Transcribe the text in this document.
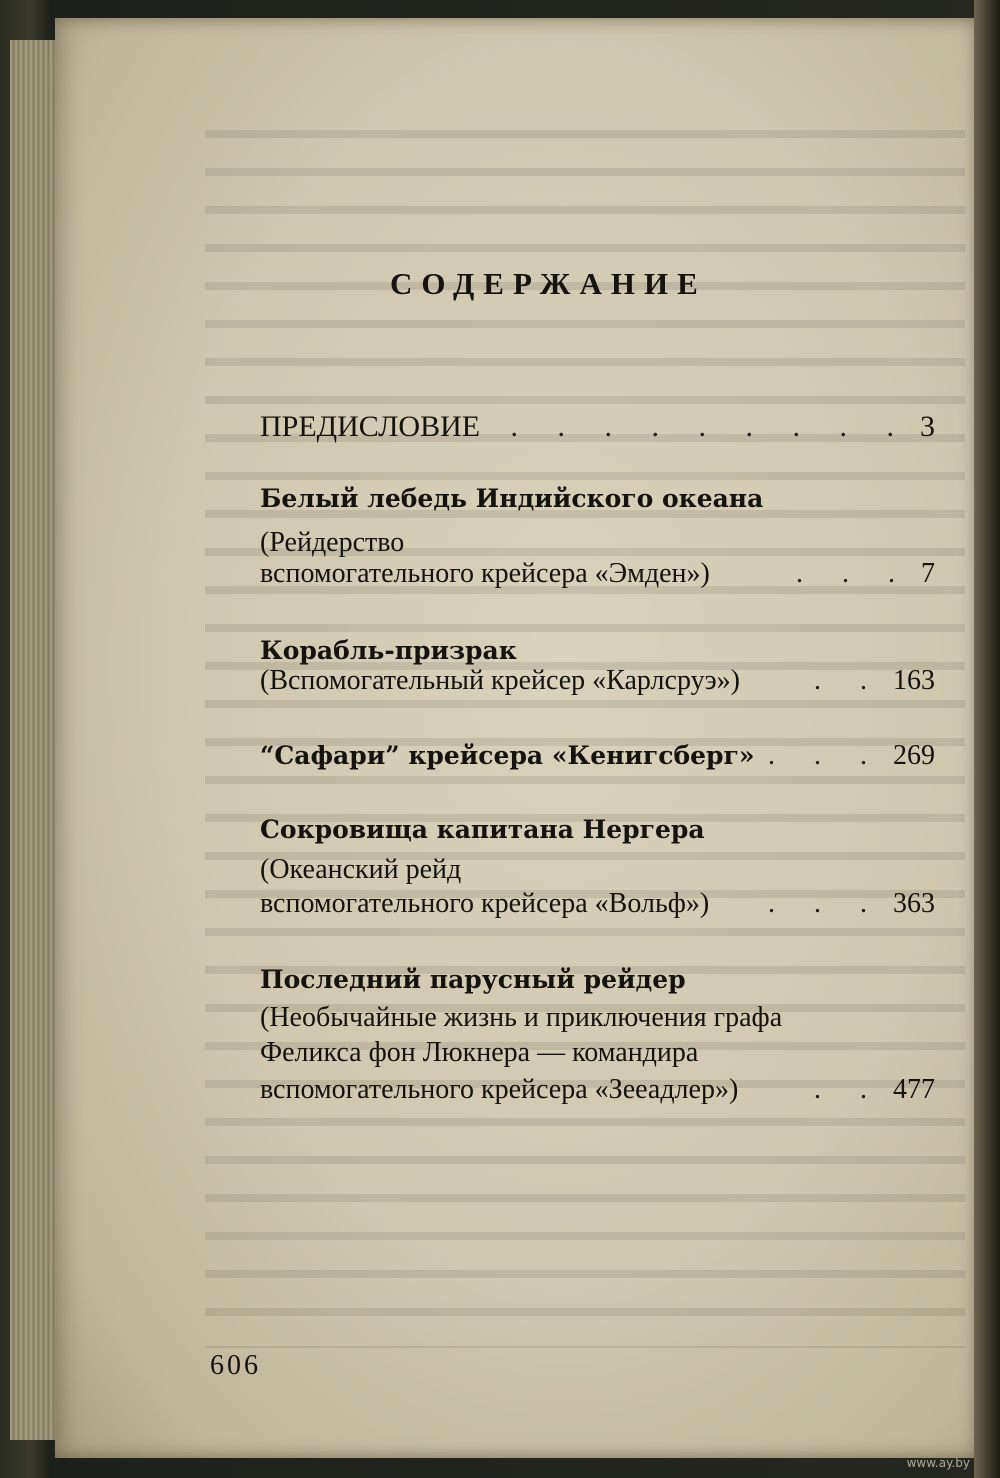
СОДЕРЖАНИЕ
ПРЕДИСЛОВИЕ	. . . . . . . . . 3
Белый лебедь Индийского океана
(Рейдерство
вспомогательного крейсера «Эмден»)	. . . 7
Корабль-призрак
(Вспомогательный крейсер «Карлсруэ»)	. . 163
“Сафари” крейсера «Кенигсберг» . . . 269
Сокровища капитана Нергера
(Океанский рейд
вспомогательного крейсера «Вольф»)	. . . 363
Последний парусный рейдер
(Необычайные жизнь и приключения графа
Феликса фон Люкнера — командира
вспомогательного крейсера «Зееадлер»)	. . 477
606
www.ay.by
